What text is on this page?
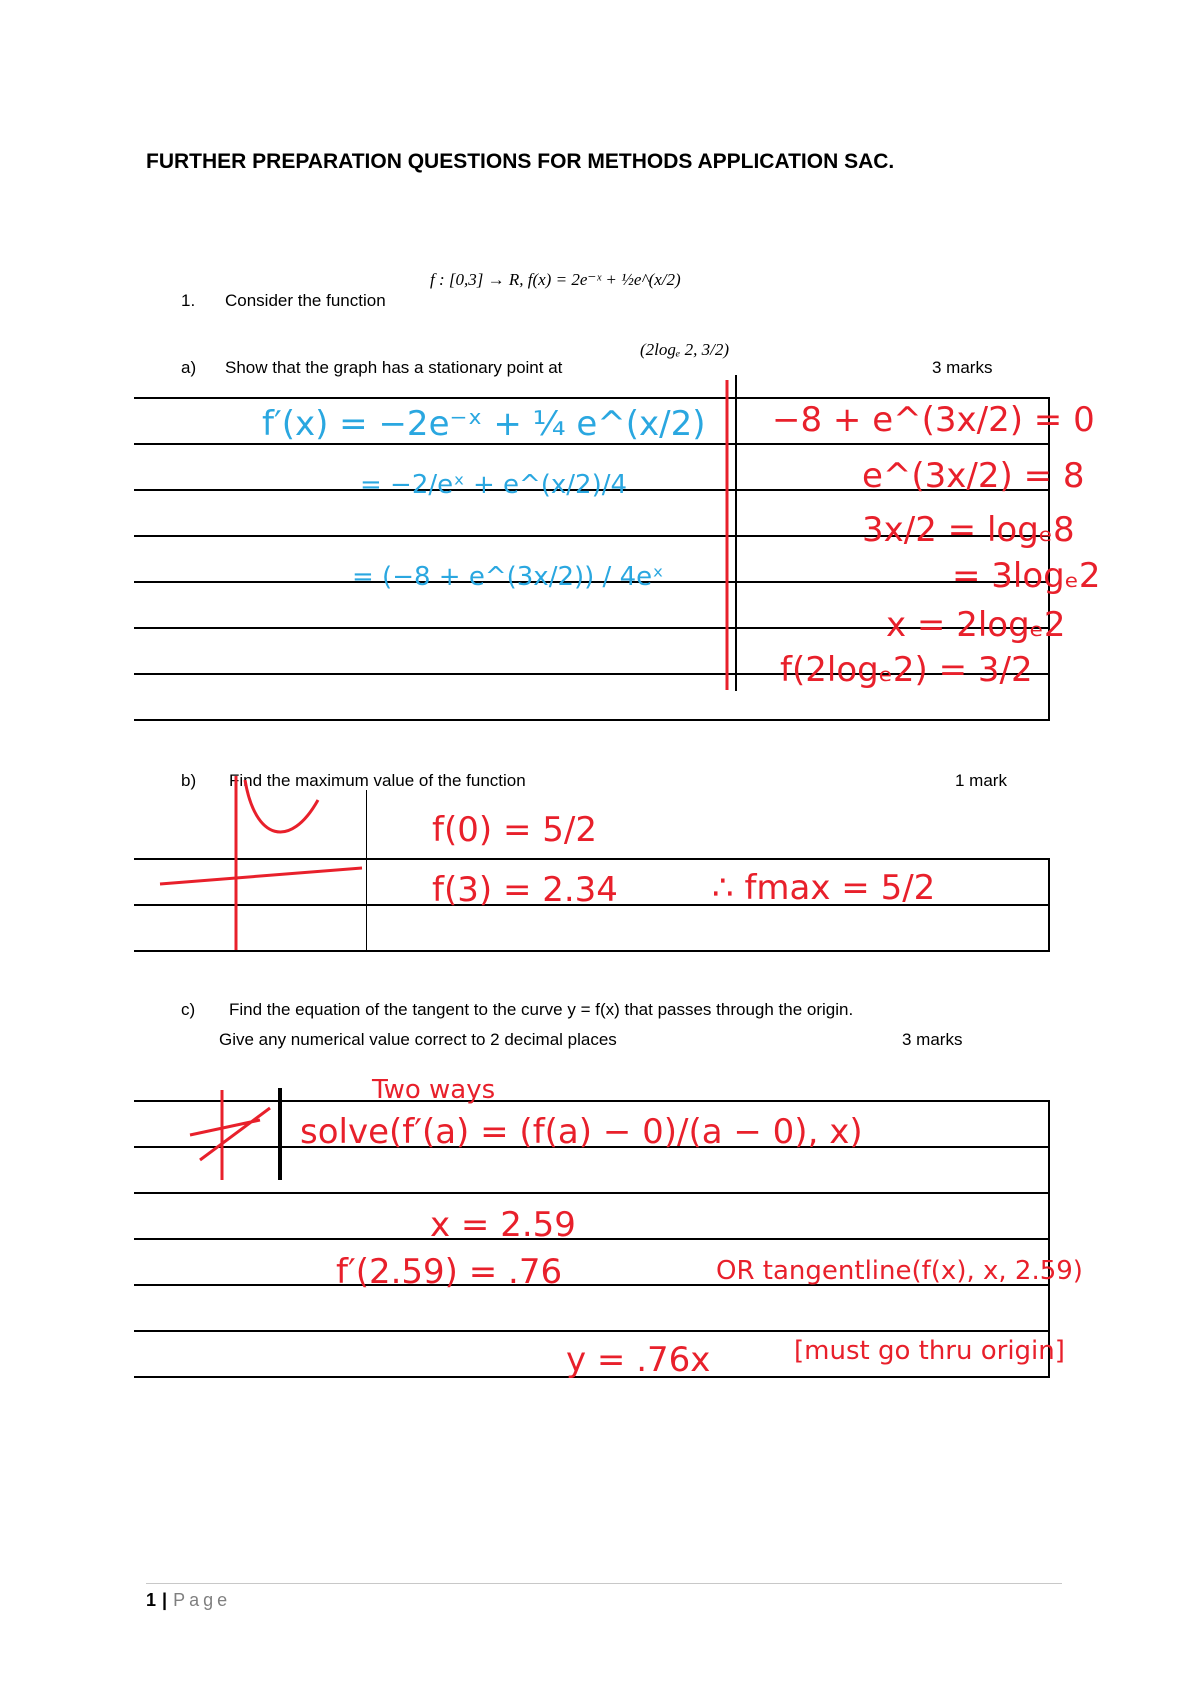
FURTHER PREPARATION QUESTIONS FOR METHODS APPLICATION SAC.
1. Consider the function
f : [0,3] → R, f(x) = 2e⁻ˣ + ½e^(x/2)
a) Show that the graph has a stationary point at
(2logₑ 2, 3/2)
3 marks
f′(x) = −2e⁻ˣ + ¼ e^(x/2)
= −2/eˣ + e^(x/2)/4
= (−8 + e^(3x/2)) / 4eˣ
−8 + e^(3x/2) = 0
e^(3x/2) = 8
3x/2 = logₑ8
= 3logₑ2
x = 2logₑ2
f(2logₑ2) = 3/2
b) Find the maximum value of the function	1 mark
f(0) = 5/2
f(3) = 2.34	∴ fmax = 5/2
c) Find the equation of the tangent to the curve y = f(x) that passes through the origin.
Give any numerical value correct to 2 decimal places	3 marks
Two ways
solve(f′(a) = (f(a) − 0)/(a − 0), x)
x = 2.59
f′(2.59) = .76	OR tangentline(f(x), x, 2.59)
y = .76x	[must go thru origin]
1 | Page
